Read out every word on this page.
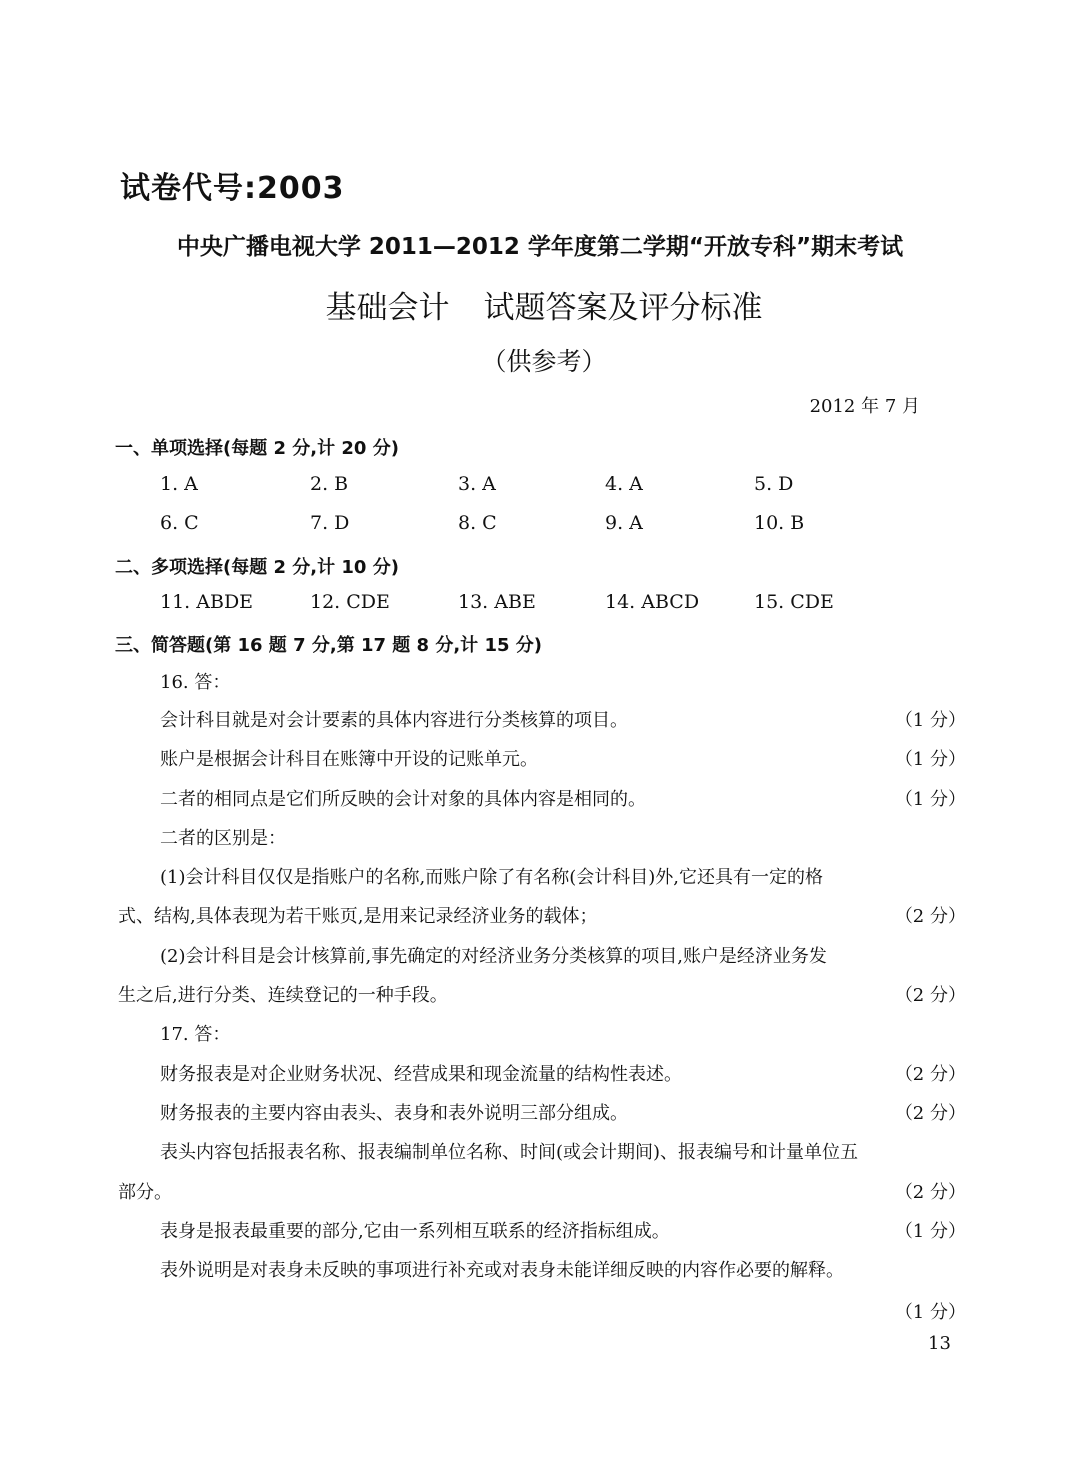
试卷代号:2003
中央广播电视大学 2011—2012 学年度第二学期“开放专科”期末考试
基础会计 试题答案及评分标准
（供参考）
2012 年 7 月
一、单项选择(每题 2 分,计 20 分)
1. A	2. B	3. A	4. A	5. D
6. C	7. D	8. C	9. A	10. B
二、多项选择(每题 2 分,计 10 分)
11. ABDE	12. CDE	13. ABE	14. ABCD	15. CDE
三、简答题(第 16 题 7 分,第 17 题 8 分,计 15 分)
16. 答：
会计科目就是对会计要素的具体内容进行分类核算的项目。	（1 分）
账户是根据会计科目在账簿中开设的记账单元。	（1 分）
二者的相同点是它们所反映的会计对象的具体内容是相同的。	（1 分）
二者的区别是：
(1)会计科目仅仅是指账户的名称,而账户除了有名称(会计科目)外,它还具有一定的格
式、结构,具体表现为若干账页,是用来记录经济业务的载体；	（2 分）
(2)会计科目是会计核算前,事先确定的对经济业务分类核算的项目,账户是经济业务发
生之后,进行分类、连续登记的一种手段。	（2 分）
17. 答：
财务报表是对企业财务状况、经营成果和现金流量的结构性表述。	（2 分）
财务报表的主要内容由表头、表身和表外说明三部分组成。	（2 分）
表头内容包括报表名称、报表编制单位名称、时间(或会计期间)、报表编号和计量单位五
部分。	（2 分）
表身是报表最重要的部分,它由一系列相互联系的经济指标组成。	（1 分）
表外说明是对表身未反映的事项进行补充或对表身未能详细反映的内容作必要的解释。
（1 分）
13
